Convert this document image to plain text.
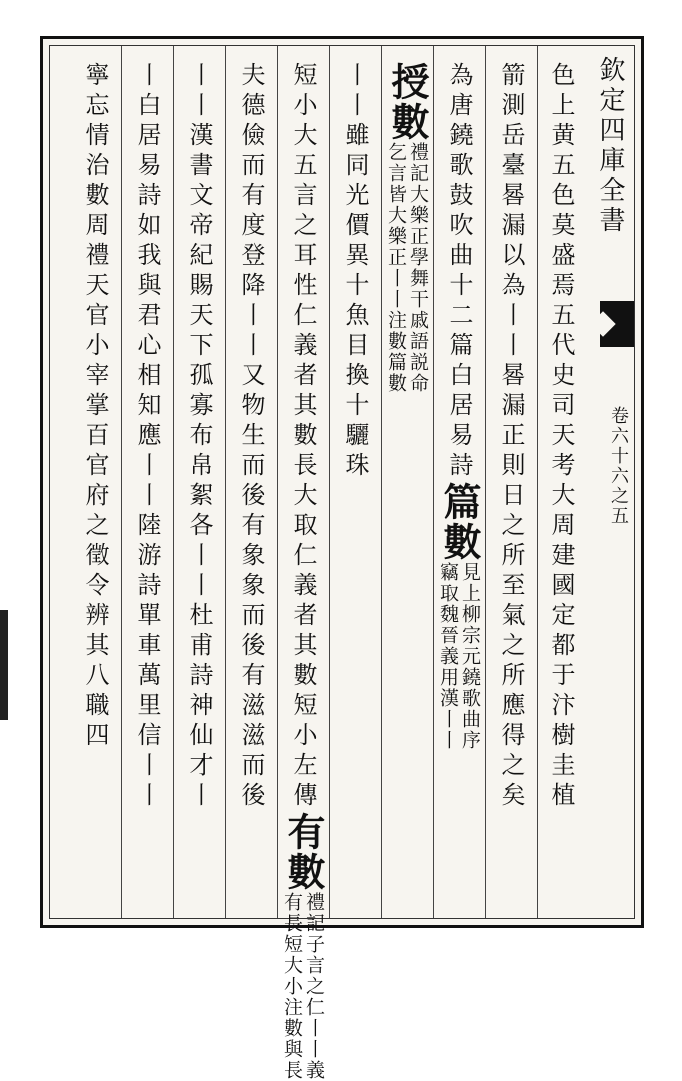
欽定四庫全書
卷六十六之五
色上黄五色莫盛焉五代史司天考大周建國定都于汴樹圭植
箭測岳臺晷漏以為丨丨晷漏正則日之所至氣之所應得之矣
為唐鐃歌鼓吹曲十二篇白居易詩
篇數
見上柳宗元鐃歌曲序
竊取魏晉義用漢丨丨
授數
禮記大樂正學舞干戚語説命
乞言皆大樂正丨丨注數篇數
丨丨雖同光價異十魚目換十驪珠
短小大五言之耳性仁義者其數長大取仁義者其數短小左傳
有數
禮記子言之仁丨丨義
有長短大小注數與長
夫德儉而有度登降丨丨又物生而後有象象而後有滋滋而後
丨丨漢書文帝紀賜天下孤寡布帛絮各丨丨杜甫詩神仙才丨
丨白居易詩如我與君心相知應丨丨陸游詩單車萬里信丨丨
寧忘情治數周禮天官小宰掌百官府之徵令辨其八職四
